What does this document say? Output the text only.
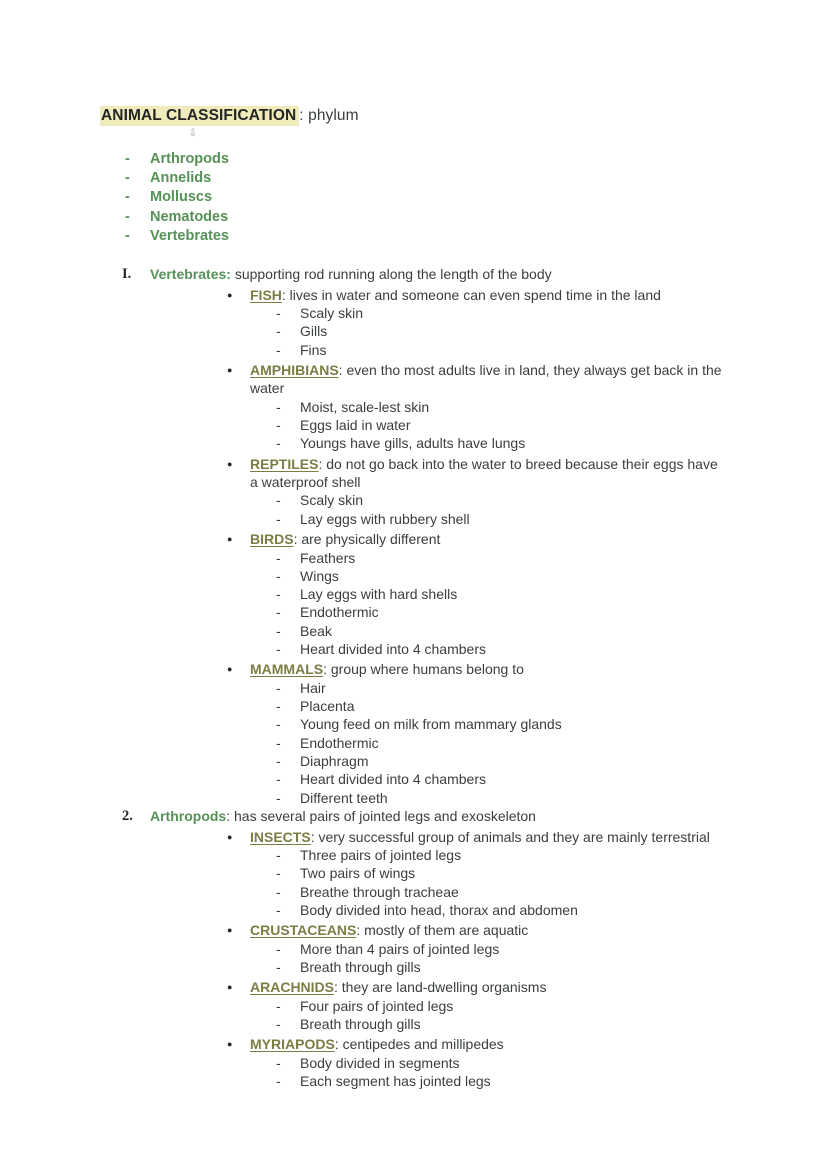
ANIMAL CLASSIFICATION : phylum
⇩
- Arthropods
- Annelids
- Molluscs
- Nematodes
- Vertebrates
I. Vertebrates: supporting rod running along the length of the body
● FISH: lives in water and someone can even spend time in the land
- Scaly skin
- Gills
- Fins
● AMPHIBIANS: even tho most adults live in land, they always get back in the water
- Moist, scale-lest skin
- Eggs laid in water
- Youngs have gills, adults have lungs
● REPTILES: do not go back into the water to breed because their eggs have a waterproof shell
- Scaly skin
- Lay eggs with rubbery shell
● BIRDS: are physically different
- Feathers
- Wings
- Lay eggs with hard shells
- Endothermic
- Beak
- Heart divided into 4 chambers
● MAMMALS: group where humans belong to
- Hair
- Placenta
- Young feed on milk from mammary glands
- Endothermic
- Diaphragm
- Heart divided into 4 chambers
- Different teeth
2. Arthropods: has several pairs of jointed legs and exoskeleton
● INSECTS: very successful group of animals and they are mainly terrestrial
- Three pairs of jointed legs
- Two pairs of wings
- Breathe through tracheae
- Body divided into head, thorax and abdomen
● CRUSTACEANS: mostly of them are aquatic
- More than 4 pairs of jointed legs
- Breath through gills
● ARACHNIDS: they are land-dwelling organisms
- Four pairs of jointed legs
- Breath through gills
● MYRIAPODS: centipedes and millipedes
- Body divided in segments
- Each segment has jointed legs
